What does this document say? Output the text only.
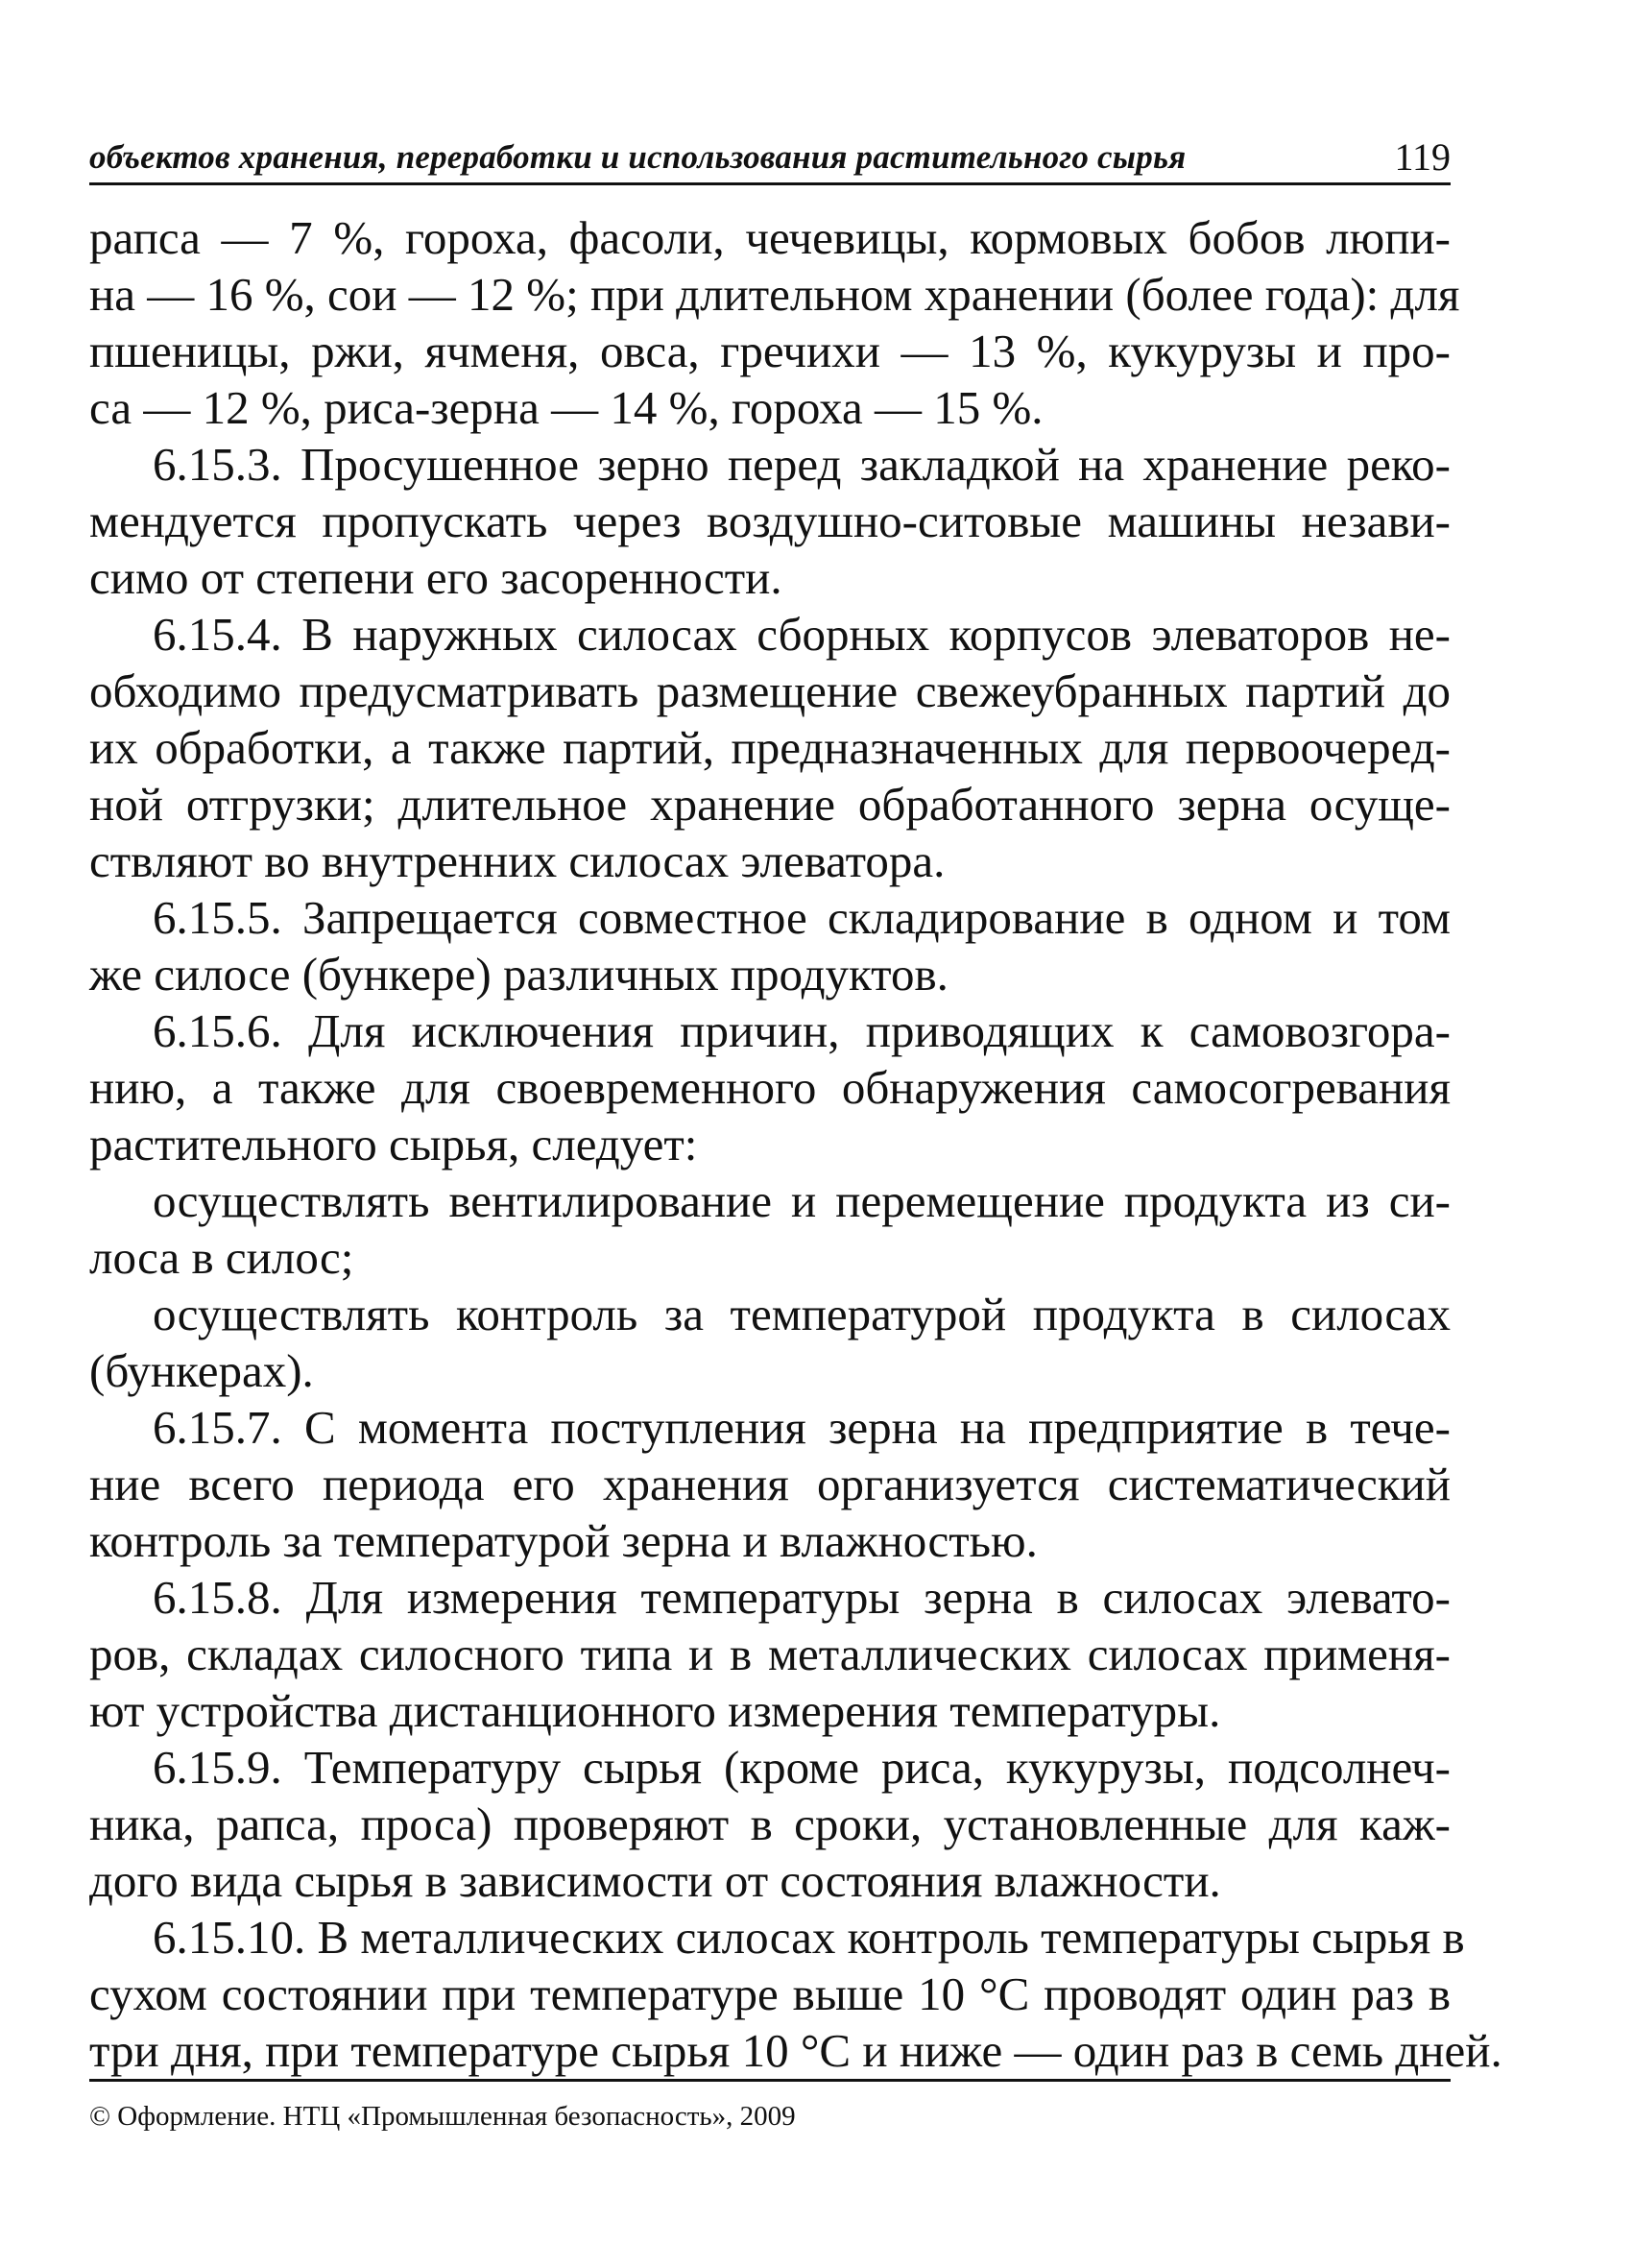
объектов хранения, переработки и использования растительного сырья	119
рапса — 7 %, гороха, фасоли, чечевицы, кормовых бобов люпи-
на — 16 %, сои — 12 %; при длительном хранении (более года): для
пшеницы, ржи, ячменя, овса, гречихи — 13 %, кукурузы и про-
са — 12 %, риса-зерна — 14 %, гороха — 15 %.
6.15.3. Просушенное зерно перед закладкой на хранение реко-
мендуется пропускать через воздушно-ситовые машины незави-
симо от степени его засоренности.
6.15.4. В наружных силосах сборных корпусов элеваторов не-
обходимо предусматривать размещение свежеубранных партий до
их обработки, а также партий, предназначенных для первоочеред-
ной отгрузки; длительное хранение обработанного зерна осуще-
ствляют во внутренних силосах элеватора.
6.15.5. Запрещается совместное складирование в одном и том
же силосе (бункере) различных продуктов.
6.15.6. Для исключения причин, приводящих к самовозгора-
нию, а также для своевременного обнаружения самосогревания
растительного сырья, следует:
осуществлять вентилирование и перемещение продукта из си-
лоса в силос;
осуществлять контроль за температурой продукта в силосах
(бункерах).
6.15.7. С момента поступления зерна на предприятие в тече-
ние всего периода его хранения организуется систематический
контроль за температурой зерна и влажностью.
6.15.8. Для измерения температуры зерна в силосах элевато-
ров, складах силосного типа и в металлических силосах применя-
ют устройства дистанционного измерения температуры.
6.15.9. Температуру сырья (кроме риса, кукурузы, подсолнеч-
ника, рапса, проса) проверяют в сроки, установленные для каж-
дого вида сырья в зависимости от состояния влажности.
6.15.10. В металлических силосах контроль температуры сырья в
сухом состоянии при температуре выше 10 °С проводят один раз в
три дня, при температуре сырья 10 °С и ниже — один раз в семь дней.
© Оформление. НТЦ «Промышленная безопасность», 2009
